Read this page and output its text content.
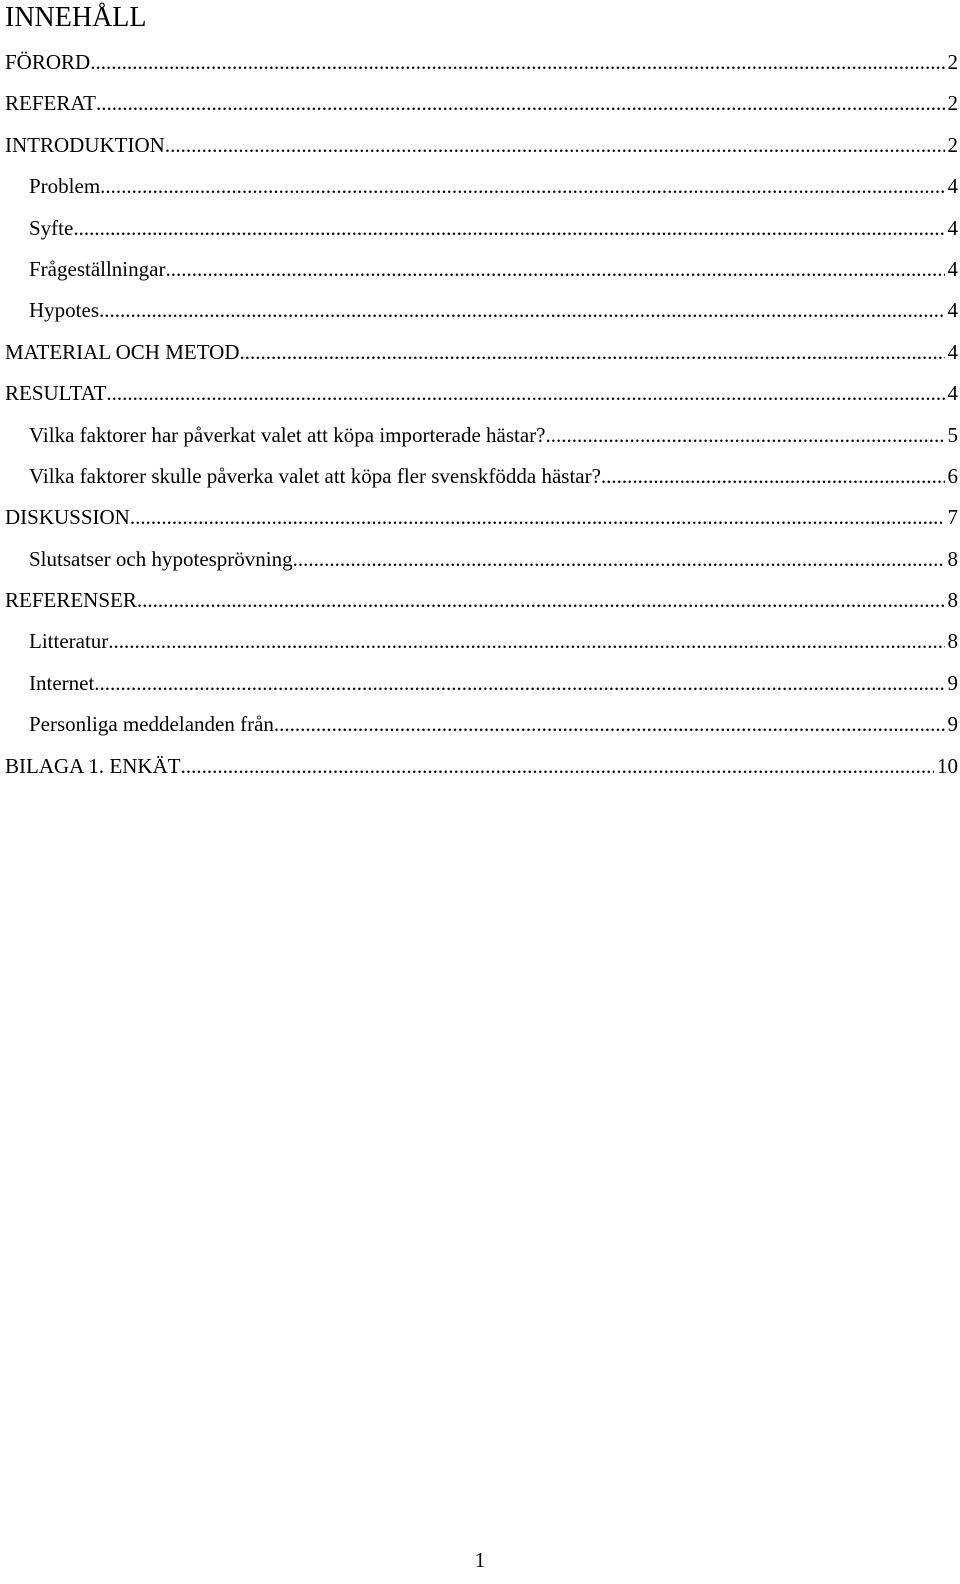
INNEHÅLL
FÖRORD .....	2
REFERAT .....	2
INTRODUKTION .....	2
Problem .....	4
Syfte .....	4
Frågeställningar .....	4
Hypotes. .....	4
MATERIAL OCH METOD. .....	4
RESULTAT .....	4
Vilka faktorer har påverkat valet att köpa importerade hästar? .....	5
Vilka faktorer skulle påverka valet att köpa fler svenskfödda hästar? .....	6
DISKUSSION .....	7
Slutsatser och hypotesprövning .....	8
REFERENSER .....	8
Litteratur .....	8
Internet .....	9
Personliga meddelanden från .....	9
BILAGA 1. ENKÄT .....	10
1
